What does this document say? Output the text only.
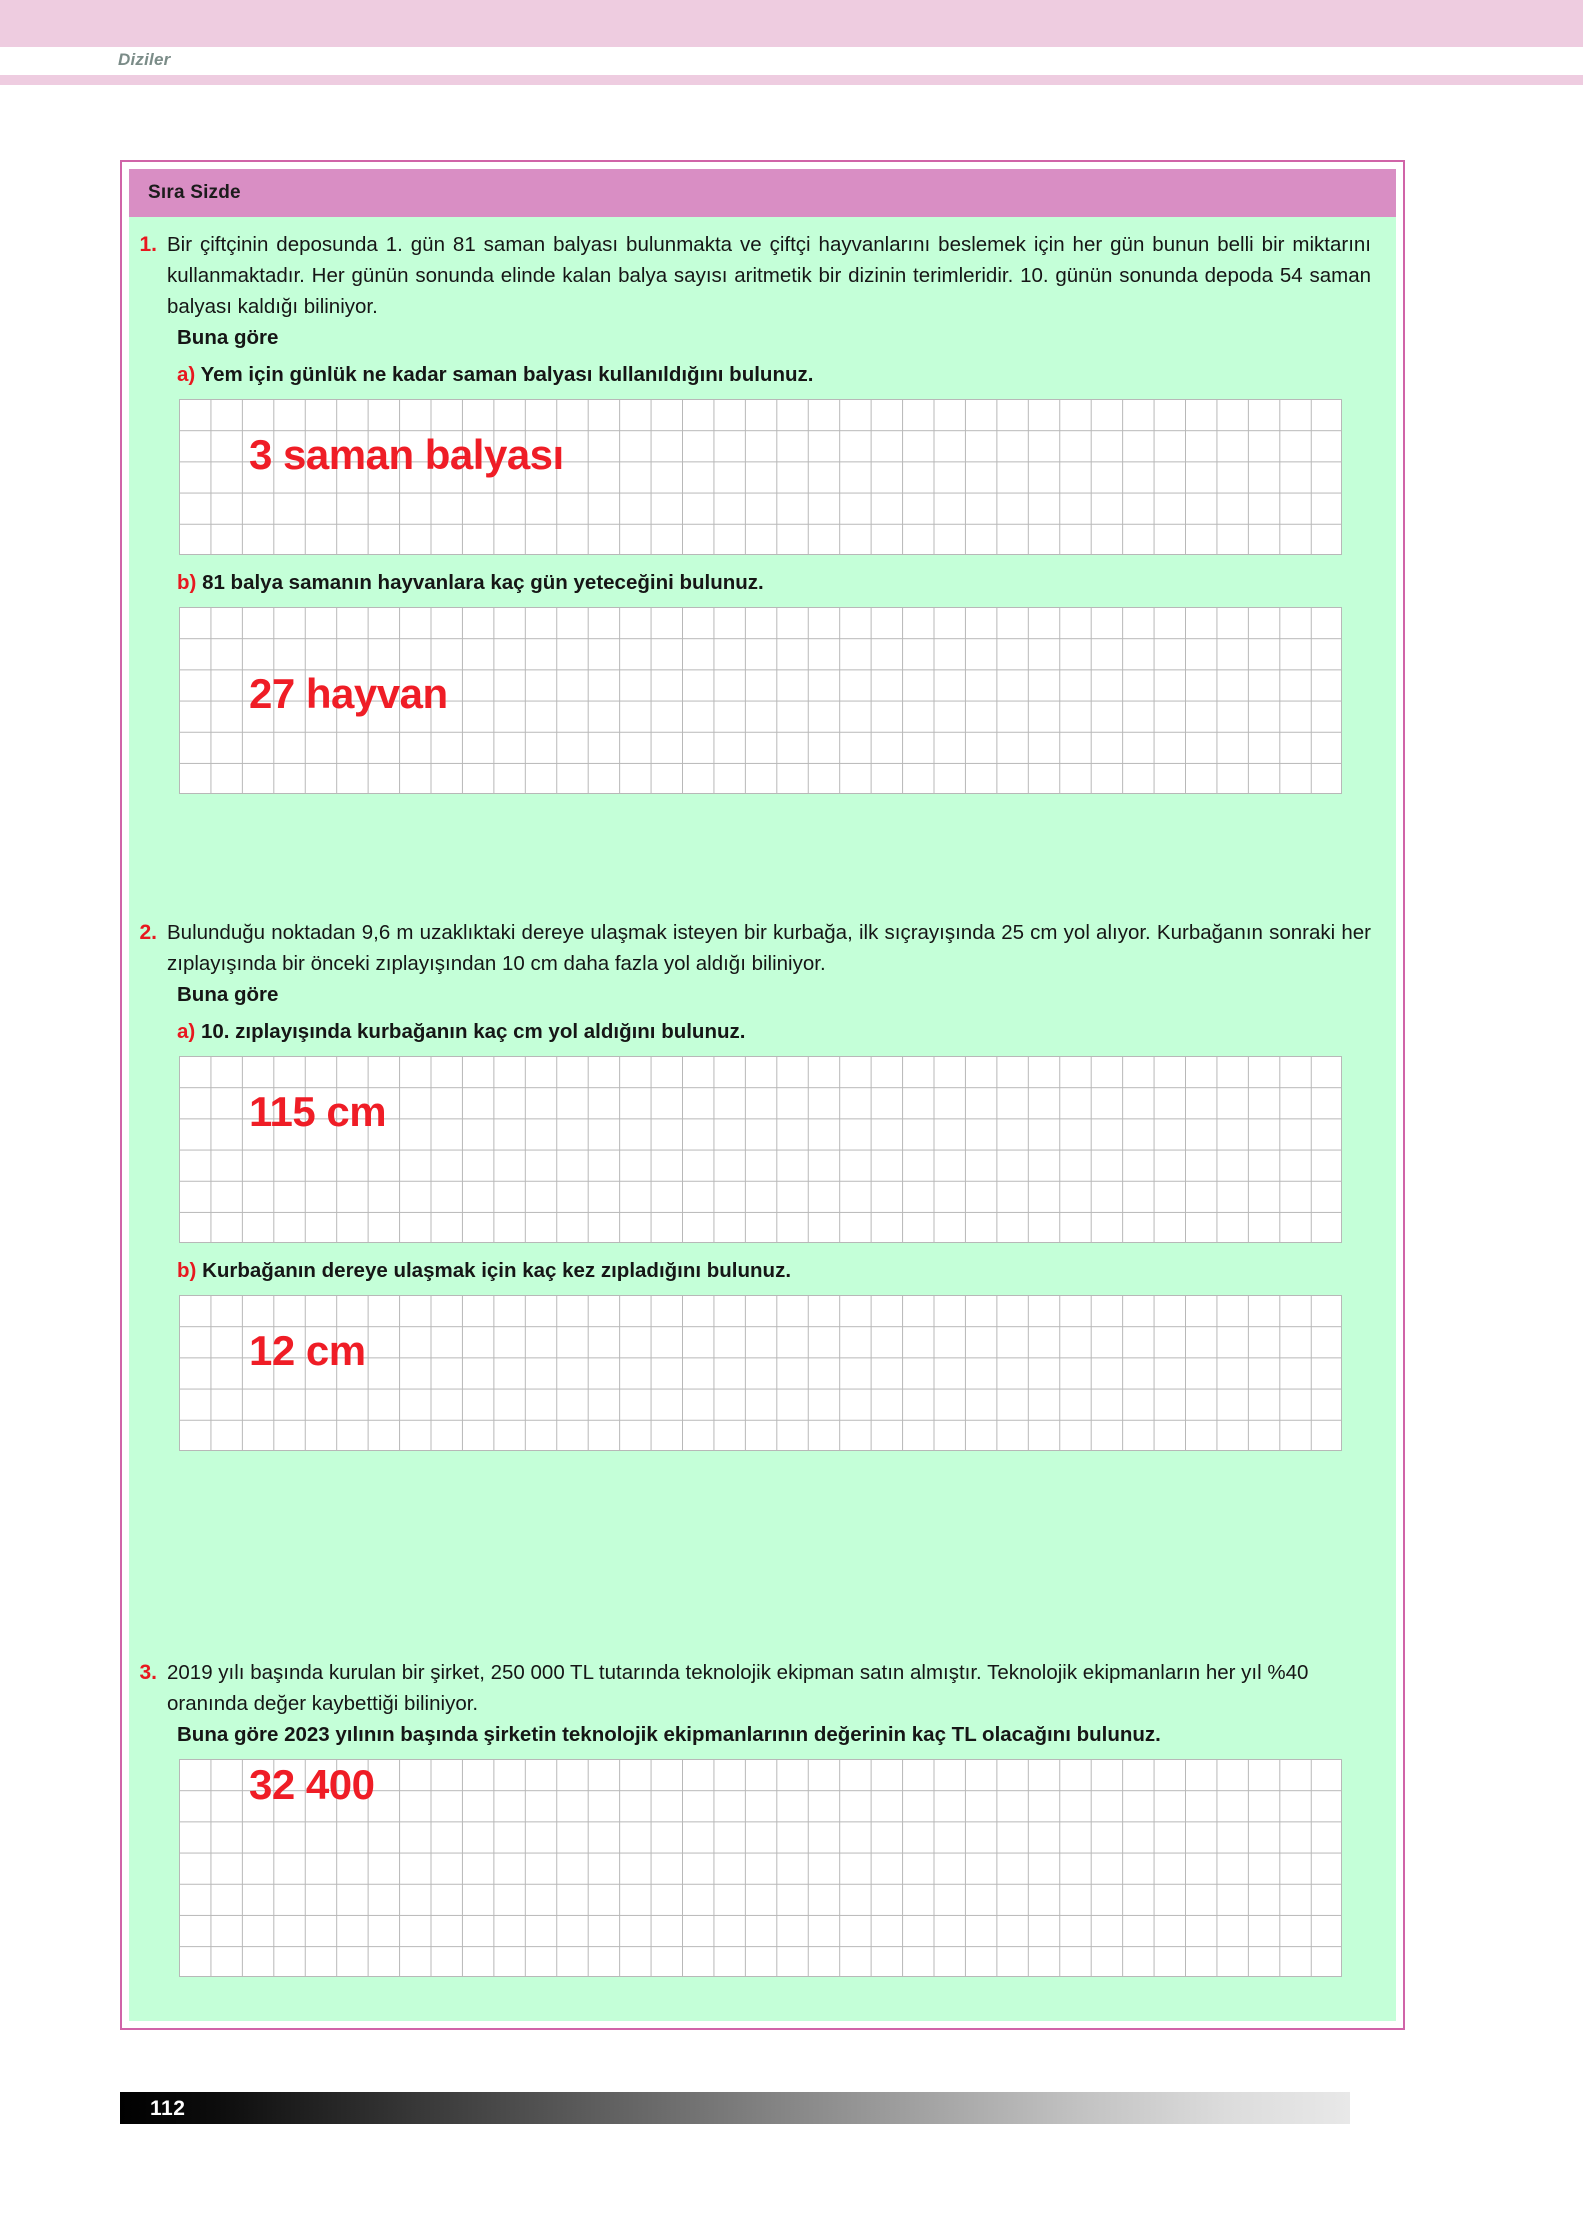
Diziler
Sıra Sizde
1. Bir çiftçinin deposunda 1. gün 81 saman balyası bulunmakta ve çiftçi hayvanlarını beslemek için her gün bunun belli bir miktarını kullanmaktadır. Her günün sonunda elinde kalan balya sayısı aritmetik bir dizinin terimleridir. 10. günün sonunda depoda 54 saman balyası kaldığı biliniyor.
Buna göre
a) Yem için günlük ne kadar saman balyası kullanıldığını bulunuz.
3 saman balyası
b) 81 balya samanın hayvanlara kaç gün yeteceğini bulunuz.
27 hayvan
2. Bulunduğu noktadan 9,6 m uzaklıktaki dereye ulaşmak isteyen bir kurbağa, ilk sıçrayışında 25 cm yol alıyor. Kurbağanın sonraki her zıplayışında bir önceki zıplayışından 10 cm daha fazla yol aldığı biliniyor.
Buna göre
a) 10. zıplayışında kurbağanın kaç cm yol aldığını bulunuz.
115 cm
b) Kurbağanın dereye ulaşmak için kaç kez zıpladığını bulunuz.
12 cm
3. 2019 yılı başında kurulan bir şirket, 250 000 TL tutarında teknolojik ekipman satın almıştır. Teknolojik ekipmanların her yıl %40 oranında değer kaybettiği biliniyor.
Buna göre 2023 yılının başında şirketin teknolojik ekipmanlarının değerinin kaç TL olacağını bulunuz.
32 400
112
